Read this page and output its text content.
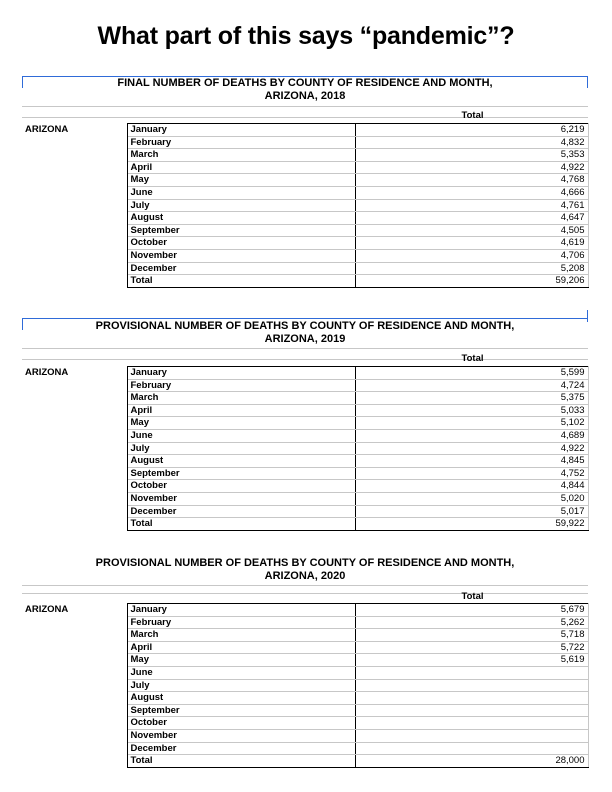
What part of this says “pandemic”?
FINAL NUMBER OF DEATHS BY COUNTY OF RESIDENCE AND MONTH,
ARIZONA, 2018
Total
ARIZONA	January	6,219
	February	4,832
	March	5,353
	April	4,922
	May	4,768
	June	4,666
	July	4,761
	August	4,647
	September	4,505
	October	4,619
	November	4,706
	December	5,208
	Total	59,206
PROVISIONAL NUMBER OF DEATHS BY COUNTY OF RESIDENCE AND MONTH,
ARIZONA, 2019
Total
ARIZONA	January	5,599
	February	4,724
	March	5,375
	April	5,033
	May	5,102
	June	4,689
	July	4,922
	August	4,845
	September	4,752
	October	4,844
	November	5,020
	December	5,017
	Total	59,922
PROVISIONAL NUMBER OF DEATHS BY COUNTY OF RESIDENCE AND MONTH,
ARIZONA, 2020
Total
ARIZONA	January	5,679
	February	5,262
	March	5,718
	April	5,722
	May	5,619
	June	
	July	
	August	
	September	
	October	
	November	
	December	
	Total	28,000
